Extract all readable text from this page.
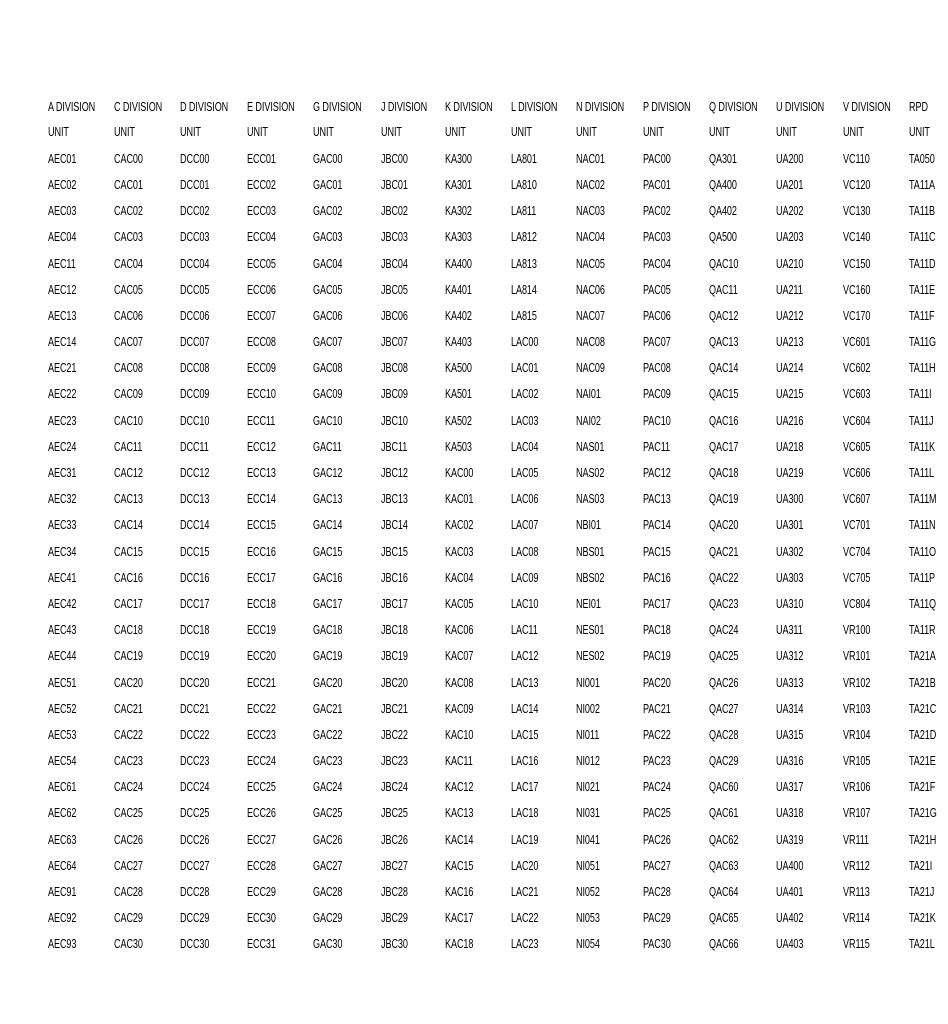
A DIVISION	C DIVISION	D DIVISION	E DIVISION	G DIVISION	J DIVISION	K DIVISION	L DIVISION	N DIVISION	P DIVISION	Q DIVISION	U DIVISION	V DIVISION	RPD
UNIT	UNIT	UNIT	UNIT	UNIT	UNIT	UNIT	UNIT	UNIT	UNIT	UNIT	UNIT	UNIT	UNIT
AEC01	CAC00	DCC00	ECC01	GAC00	JBC00	KA300	LA801	NAC01	PAC00	QA301	UA200	VC110	TA050
AEC02	CAC01	DCC01	ECC02	GAC01	JBC01	KA301	LA810	NAC02	PAC01	QA400	UA201	VC120	TA11A
AEC03	CAC02	DCC02	ECC03	GAC02	JBC02	KA302	LA811	NAC03	PAC02	QA402	UA202	VC130	TA11B
AEC04	CAC03	DCC03	ECC04	GAC03	JBC03	KA303	LA812	NAC04	PAC03	QA500	UA203	VC140	TA11C
AEC11	CAC04	DCC04	ECC05	GAC04	JBC04	KA400	LA813	NAC05	PAC04	QAC10	UA210	VC150	TA11D
AEC12	CAC05	DCC05	ECC06	GAC05	JBC05	KA401	LA814	NAC06	PAC05	QAC11	UA211	VC160	TA11E
AEC13	CAC06	DCC06	ECC07	GAC06	JBC06	KA402	LA815	NAC07	PAC06	QAC12	UA212	VC170	TA11F
AEC14	CAC07	DCC07	ECC08	GAC07	JBC07	KA403	LAC00	NAC08	PAC07	QAC13	UA213	VC601	TA11G
AEC21	CAC08	DCC08	ECC09	GAC08	JBC08	KA500	LAC01	NAC09	PAC08	QAC14	UA214	VC602	TA11H
AEC22	CAC09	DCC09	ECC10	GAC09	JBC09	KA501	LAC02	NAI01	PAC09	QAC15	UA215	VC603	TA11I
AEC23	CAC10	DCC10	ECC11	GAC10	JBC10	KA502	LAC03	NAI02	PAC10	QAC16	UA216	VC604	TA11J
AEC24	CAC11	DCC11	ECC12	GAC11	JBC11	KA503	LAC04	NAS01	PAC11	QAC17	UA218	VC605	TA11K
AEC31	CAC12	DCC12	ECC13	GAC12	JBC12	KAC00	LAC05	NAS02	PAC12	QAC18	UA219	VC606	TA11L
AEC32	CAC13	DCC13	ECC14	GAC13	JBC13	KAC01	LAC06	NAS03	PAC13	QAC19	UA300	VC607	TA11M
AEC33	CAC14	DCC14	ECC15	GAC14	JBC14	KAC02	LAC07	NBI01	PAC14	QAC20	UA301	VC701	TA11N
AEC34	CAC15	DCC15	ECC16	GAC15	JBC15	KAC03	LAC08	NBS01	PAC15	QAC21	UA302	VC704	TA11O
AEC41	CAC16	DCC16	ECC17	GAC16	JBC16	KAC04	LAC09	NBS02	PAC16	QAC22	UA303	VC705	TA11P
AEC42	CAC17	DCC17	ECC18	GAC17	JBC17	KAC05	LAC10	NEI01	PAC17	QAC23	UA310	VC804	TA11Q
AEC43	CAC18	DCC18	ECC19	GAC18	JBC18	KAC06	LAC11	NES01	PAC18	QAC24	UA311	VR100	TA11R
AEC44	CAC19	DCC19	ECC20	GAC19	JBC19	KAC07	LAC12	NES02	PAC19	QAC25	UA312	VR101	TA21A
AEC51	CAC20	DCC20	ECC21	GAC20	JBC20	KAC08	LAC13	NI001	PAC20	QAC26	UA313	VR102	TA21B
AEC52	CAC21	DCC21	ECC22	GAC21	JBC21	KAC09	LAC14	NI002	PAC21	QAC27	UA314	VR103	TA21C
AEC53	CAC22	DCC22	ECC23	GAC22	JBC22	KAC10	LAC15	NI011	PAC22	QAC28	UA315	VR104	TA21D
AEC54	CAC23	DCC23	ECC24	GAC23	JBC23	KAC11	LAC16	NI012	PAC23	QAC29	UA316	VR105	TA21E
AEC61	CAC24	DCC24	ECC25	GAC24	JBC24	KAC12	LAC17	NI021	PAC24	QAC60	UA317	VR106	TA21F
AEC62	CAC25	DCC25	ECC26	GAC25	JBC25	KAC13	LAC18	NI031	PAC25	QAC61	UA318	VR107	TA21G
AEC63	CAC26	DCC26	ECC27	GAC26	JBC26	KAC14	LAC19	NI041	PAC26	QAC62	UA319	VR111	TA21H
AEC64	CAC27	DCC27	ECC28	GAC27	JBC27	KAC15	LAC20	NI051	PAC27	QAC63	UA400	VR112	TA21I
AEC91	CAC28	DCC28	ECC29	GAC28	JBC28	KAC16	LAC21	NI052	PAC28	QAC64	UA401	VR113	TA21J
AEC92	CAC29	DCC29	ECC30	GAC29	JBC29	KAC17	LAC22	NI053	PAC29	QAC65	UA402	VR114	TA21K
AEC93	CAC30	DCC30	ECC31	GAC30	JBC30	KAC18	LAC23	NI054	PAC30	QAC66	UA403	VR115	TA21L
